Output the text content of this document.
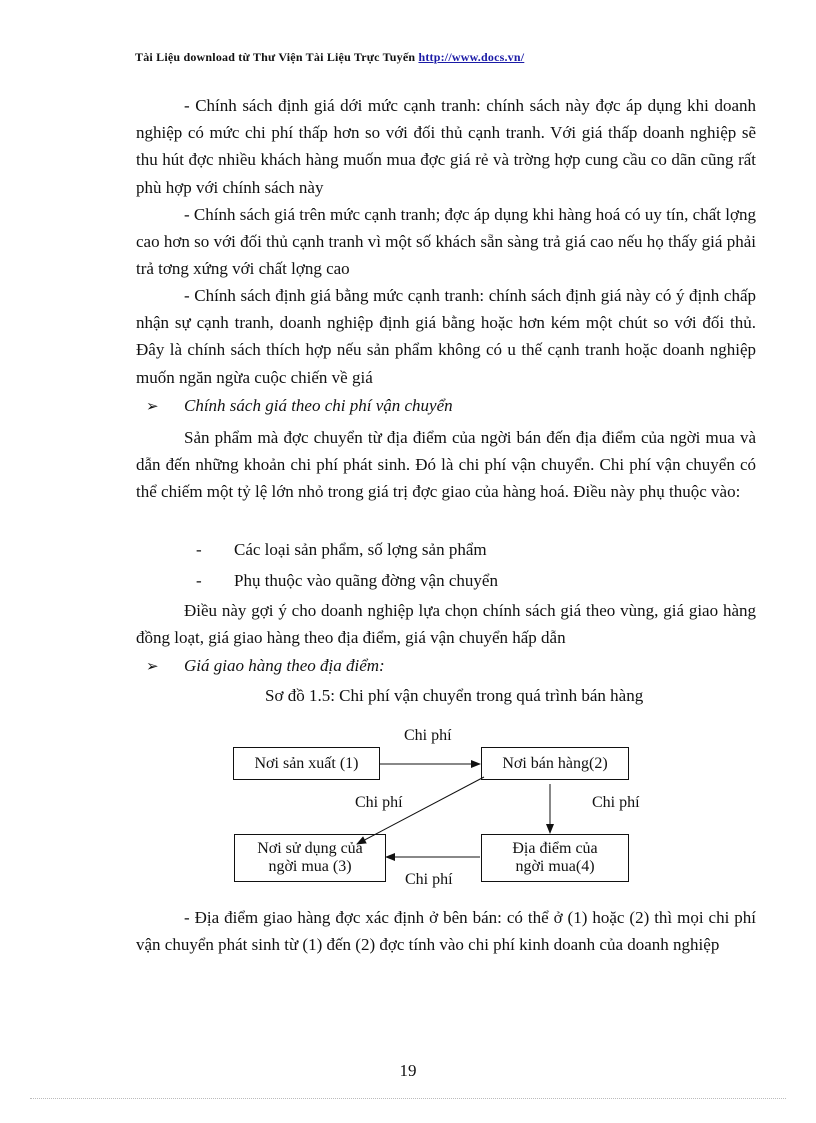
Tài Liệu download từ Thư Viện Tài Liệu Trực Tuyến http://www.docs.vn/
- Chính sách định giá dới mức cạnh tranh: chính sách này đợc áp dụng khi doanh nghiệp có mức chi phí thấp hơn so với đối thủ cạnh tranh. Với giá thấp doanh nghiệp sẽ thu hút đợc nhiều khách hàng muốn mua đợc giá rẻ và trờng hợp cung cầu co dãn cũng rất phù hợp với chính sách này
- Chính sách giá trên mức cạnh tranh; đợc áp dụng khi hàng hoá có uy tín, chất lợng cao hơn so với đối thủ cạnh tranh vì một số khách sẵn sàng trả giá cao nếu họ thấy giá phải trả tơng xứng với chất lợng cao
- Chính sách định giá bằng mức cạnh tranh: chính sách định giá này có ý định chấp nhận sự cạnh tranh, doanh nghiệp định giá bằng hoặc hơn kém một chút so với đối thủ. Đây là chính sách thích hợp nếu sản phẩm không có u thế cạnh tranh hoặc doanh nghiệp muốn ngăn ngừa cuộc chiến về giá
➢ Chính sách giá theo chi phí vận chuyển
Sản phẩm mà đợc chuyển từ địa điểm của ngời bán đến địa điểm của ngời mua và dẫn đến những khoản chi phí phát sinh. Đó là chi phí vận chuyển. Chi phí vận chuyển có thể chiếm một tỷ lệ lớn nhỏ trong giá trị đợc giao của hàng hoá. Điều này phụ thuộc vào:
- Các loại sản phẩm, số lợng sản phẩm
- Phụ thuộc vào quãng đờng vận chuyển
Điều này gợi ý cho doanh nghiệp lựa chọn chính sách giá theo vùng, giá giao hàng đồng loạt, giá giao hàng theo địa điểm, giá vận chuyển hấp dẫn
➢ Giá giao hàng theo địa điểm:
Sơ đồ 1.5: Chi phí vận chuyển trong quá trình bán hàng
Nơi sản xuất (1)	Nơi bán hàng(2)
Nơi sử dụng của
ngời mua (3)
Địa điểm của
ngời mua(4)
Chi phí
Chi phí	Chi phí
Chi phí
- Địa điểm giao hàng đợc xác định ở bên bán: có thể ở (1) hoặc (2) thì mọi chi phí vận chuyển phát sinh từ (1) đến (2) đợc tính vào chi phí kinh doanh của doanh nghiệp
19
